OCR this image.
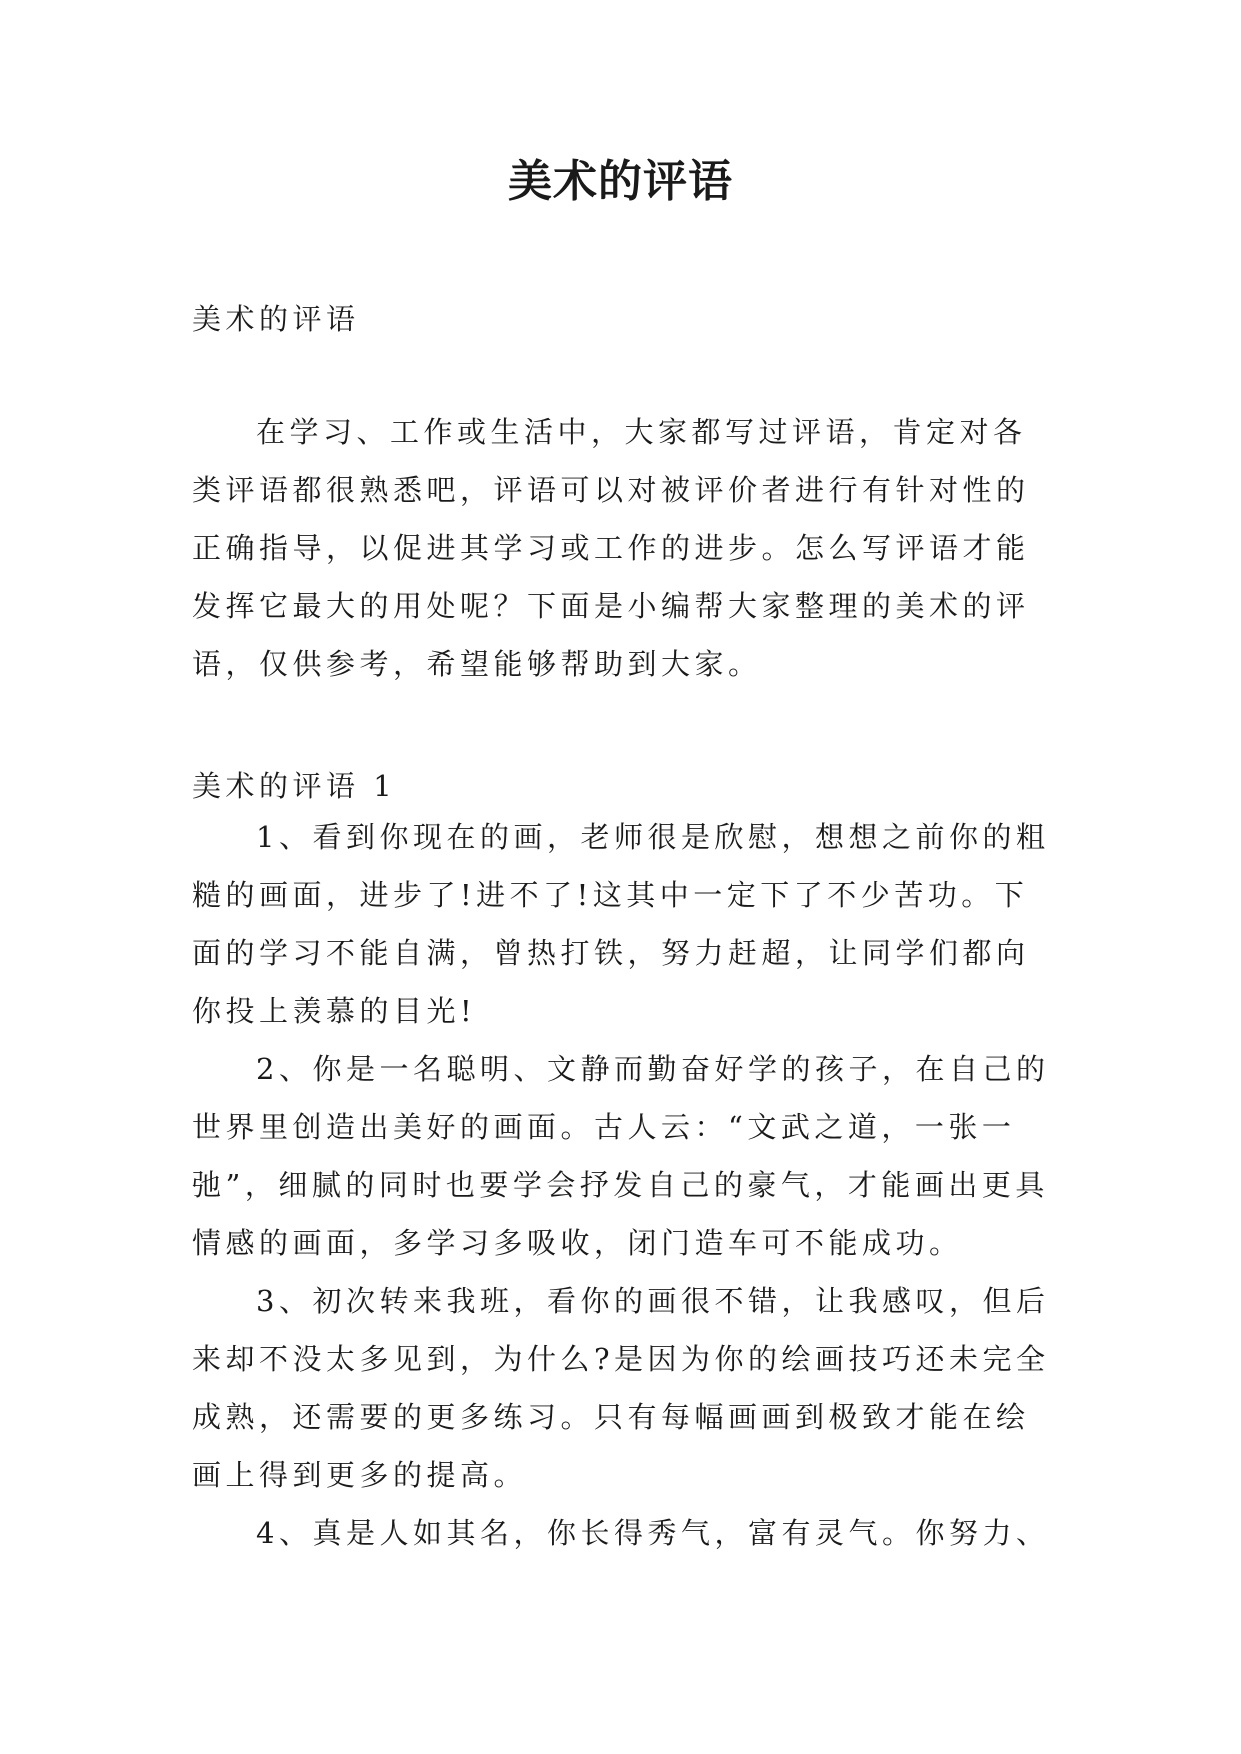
美术的评语

美术的评语

在学习、工作或生活中，大家都写过评语，肯定对各类评语都很熟悉吧，评语可以对被评价者进行有针对性的正确指导，以促进其学习或工作的进步。怎么写评语才能发挥它最大的用处呢？下面是小编帮大家整理的美术的评语，仅供参考，希望能够帮助到大家。

美术的评语 1

1、看到你现在的画，老师很是欣慰，想想之前你的粗糙的画面，进步了!进不了!这其中一定下了不少苦功。下面的学习不能自满，曾热打铁，努力赶超，让同学们都向你投上羡慕的目光!

2、你是一名聪明、文静而勤奋好学的孩子，在自己的世界里创造出美好的画面。古人云：“文武之道，一张一弛”，细腻的同时也要学会抒发自己的豪气，才能画出更具情感的画面，多学习多吸收，闭门造车可不能成功。

3、初次转来我班，看你的画很不错，让我感叹，但后来却不没太多见到，为什么?是因为你的绘画技巧还未完全成熟，还需要的更多练习。只有每幅画画到极致才能在绘画上得到更多的提高。

4、真是人如其名，你长得秀气，富有灵气。你努力、
